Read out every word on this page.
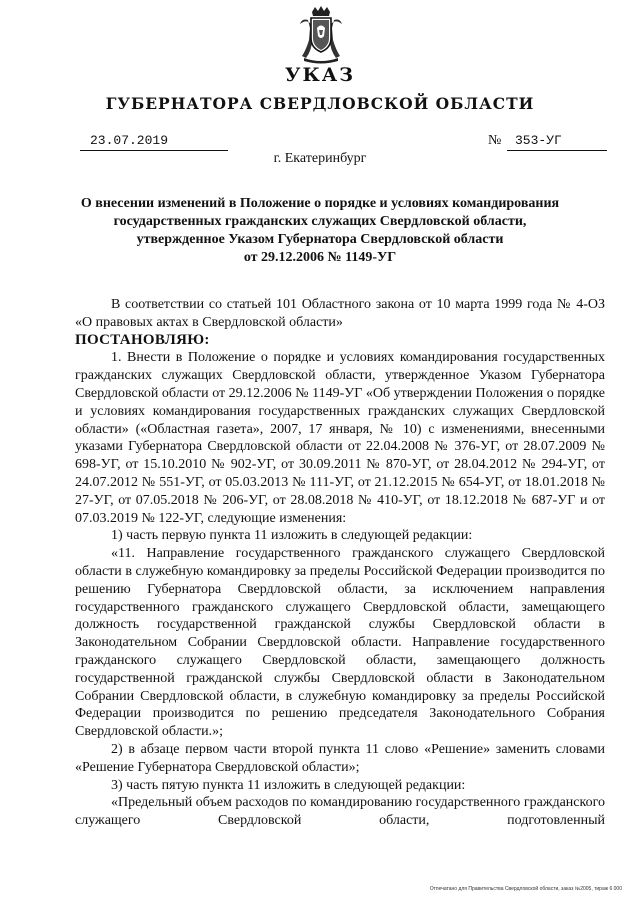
УКАЗ
ГУБЕРНАТОРА СВЕРДЛОВСКОЙ ОБЛАСТИ
23.07.2019	№	353-УГ
г. Екатеринбург
О внесении изменений в Положение о порядке и условиях командирования
государственных гражданских служащих Свердловской области,
утвержденное Указом Губернатора Свердловской области
от 29.12.2006 № 1149-УГ

В соответствии со статьей 101 Областного закона от 10 марта 1999 года № 4-ОЗ «О правовых актах в Свердловской области»

ПОСТАНОВЛЯЮ:

1. Внести в Положение о порядке и условиях командирования государственных гражданских служащих Свердловской области, утвержденное Указом Губернатора Свердловской области от 29.12.2006 № 1149-УГ «Об утверждении Положения о порядке и условиях командирования государственных гражданских служащих Свердловской области» («Областная газета», 2007, 17 января, № 10) с изменениями, внесенными указами Губернатора Свердловской области от 22.04.2008 № 376-УГ, от 28.07.2009 № 698-УГ, от 15.10.2010 № 902-УГ, от 30.09.2011 № 870-УГ, от 28.04.2012 № 294-УГ, от 24.07.2012 № 551-УГ, от 05.03.2013 № 111-УГ, от 21.12.2015 № 654-УГ, от 18.01.2018 № 27-УГ, от 07.05.2018 № 206-УГ, от 28.08.2018 № 410-УГ, от 18.12.2018 № 687-УГ и от 07.03.2019 № 122-УГ, следующие изменения:

1) часть первую пункта 11 изложить в следующей редакции:

«11. Направление государственного гражданского служащего Свердловской области в служебную командировку за пределы Российской Федерации производится по решению Губернатора Свердловской области, за исключением направления государственного гражданского служащего Свердловской области, замещающего должность государственной гражданской службы Свердловской области в Законодательном Собрании Свердловской области. Направление государственного гражданского служащего Свердловской области, замещающего должность государственной гражданской службы Свердловской области в Законодательном Собрании Свердловской области, в служебную командировку за пределы Российской Федерации производится по решению председателя Законодательного Собрания Свердловской области.»;

2) в абзаце первом части второй пункта 11 слово «Решение» заменить словами «Решение Губернатора Свердловской области»;

3) часть пятую пункта 11 изложить в следующей редакции:

«Предельный объем расходов по командированию государственного гражданского служащего Свердловской области, подготовленный

Отпечатано для Правительства Свердловской области, заказ №2005, тираж 6 000
